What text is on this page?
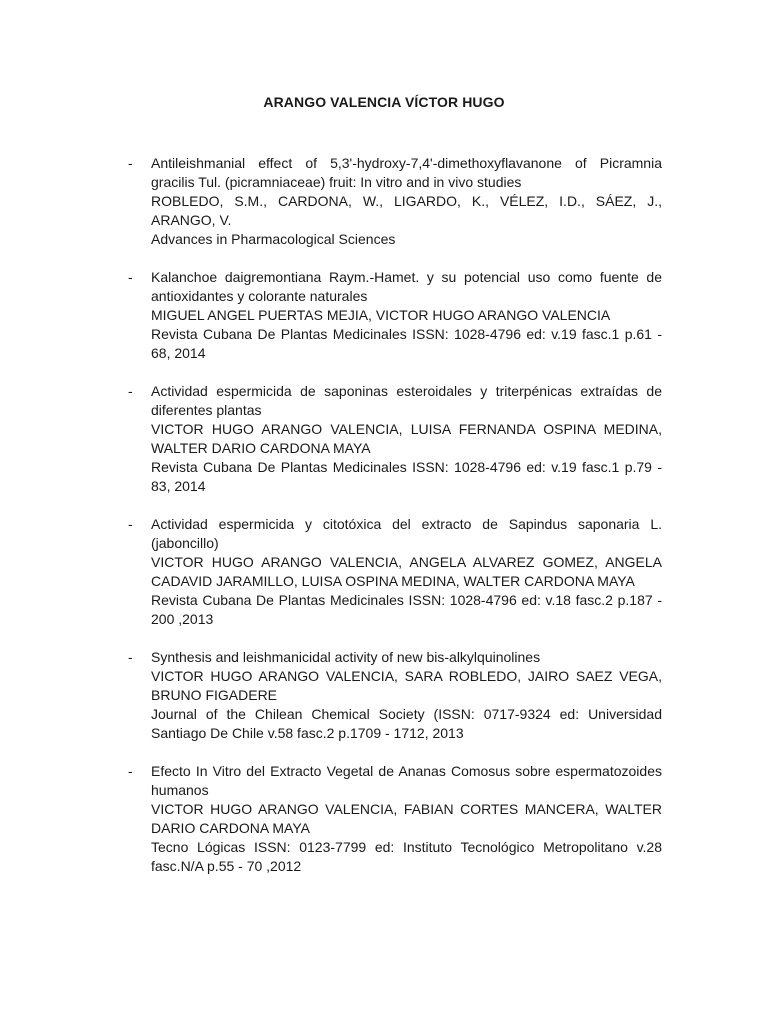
ARANGO VALENCIA VÍCTOR HUGO
- Antileishmanial effect of 5,3'-hydroxy-7,4'-dimethoxyflavanone of Picramnia gracilis Tul. (picramniaceae) fruit: In vitro and in vivo studies
ROBLEDO, S.M., CARDONA, W., LIGARDO, K., VÉLEZ, I.D., SÁEZ, J., ARANGO, V.
Advances in Pharmacological Sciences
- Kalanchoe daigremontiana Raym.-Hamet. y su potencial uso como fuente de antioxidantes y colorante naturales
MIGUEL ANGEL PUERTAS MEJIA, VICTOR HUGO ARANGO VALENCIA
Revista Cubana De Plantas Medicinales ISSN: 1028-4796 ed: v.19 fasc.1 p.61 - 68, 2014
- Actividad espermicida de saponinas esteroidales y triterpénicas extraídas de diferentes plantas
VICTOR HUGO ARANGO VALENCIA, LUISA FERNANDA OSPINA MEDINA, WALTER DARIO CARDONA MAYA
Revista Cubana De Plantas Medicinales ISSN: 1028-4796 ed: v.19 fasc.1 p.79 - 83, 2014
- Actividad espermicida y citotóxica del extracto de Sapindus saponaria L. (jaboncillo)
VICTOR HUGO ARANGO VALENCIA, ANGELA ALVAREZ GOMEZ, ANGELA CADAVID JARAMILLO, LUISA OSPINA MEDINA, WALTER CARDONA MAYA
Revista Cubana De Plantas Medicinales ISSN: 1028-4796 ed: v.18 fasc.2 p.187 - 200 ,2013
- Synthesis and leishmanicidal activity of new bis-alkylquinolines
VICTOR HUGO ARANGO VALENCIA, SARA ROBLEDO, JAIRO SAEZ VEGA, BRUNO FIGADERE
Journal of the Chilean Chemical Society (ISSN: 0717-9324 ed: Universidad Santiago De Chile v.58 fasc.2 p.1709 - 1712, 2013
- Efecto In Vitro del Extracto Vegetal de Ananas Comosus sobre espermatozoides humanos
VICTOR HUGO ARANGO VALENCIA, FABIAN CORTES MANCERA, WALTER DARIO CARDONA MAYA
Tecno Lógicas ISSN: 0123-7799 ed: Instituto Tecnológico Metropolitano v.28 fasc.N/A p.55 - 70 ,2012
